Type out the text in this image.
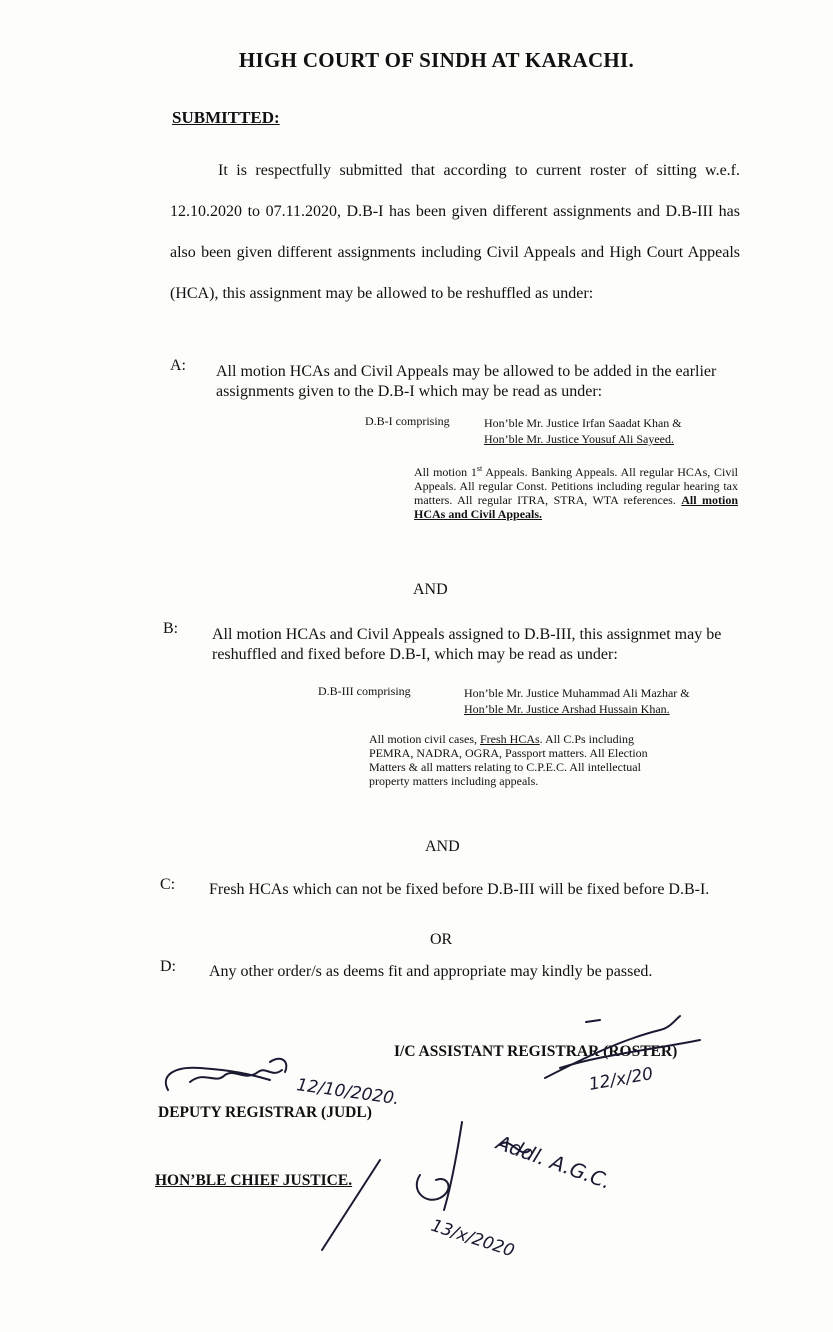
HIGH COURT OF SINDH AT KARACHI.
SUBMITTED:
It is respectfully submitted that according to current roster of sitting w.e.f. 12.10.2020 to 07.11.2020, D.B-I has been given different assignments and D.B-III has also been given different assignments including Civil Appeals and High Court Appeals (HCA), this assignment may be allowed to be reshuffled as under:
A: All motion HCAs and Civil Appeals may be allowed to be added in the earlier assignments given to the D.B-I which may be read as under:
D.B-I comprising	Hon’ble Mr. Justice Irfan Saadat Khan &
Hon’ble Mr. Justice Yousuf Ali Sayeed.
All motion 1st Appeals. Banking Appeals. All regular HCAs, Civil Appeals. All regular Const. Petitions including regular hearing tax matters. All regular ITRA, STRA, WTA references. All motion HCAs and Civil Appeals.
AND
B: All motion HCAs and Civil Appeals assigned to D.B-III, this assignmet may be reshuffled and fixed before D.B-I, which may be read as under:
D.B-III comprising	Hon’ble Mr. Justice Muhammad Ali Mazhar &
Hon’ble Mr. Justice Arshad Hussain Khan.
All motion civil cases, Fresh HCAs. All C.Ps including PEMRA, NADRA, OGRA, Passport matters. All Election Matters & all matters relating to C.P.E.C. All intellectual property matters including appeals.
AND
C: Fresh HCAs which can not be fixed before D.B-III will be fixed before D.B-I.
OR
D: Any other order/s as deems fit and appropriate may kindly be passed.
I/C ASSISTANT REGISTRAR (ROSTER)
DEPUTY REGISTRAR (JUDL)
HON’BLE CHIEF JUSTICE.
12/10/2020.	12/x/20
Addl. A.G.C.
13/x/2020
